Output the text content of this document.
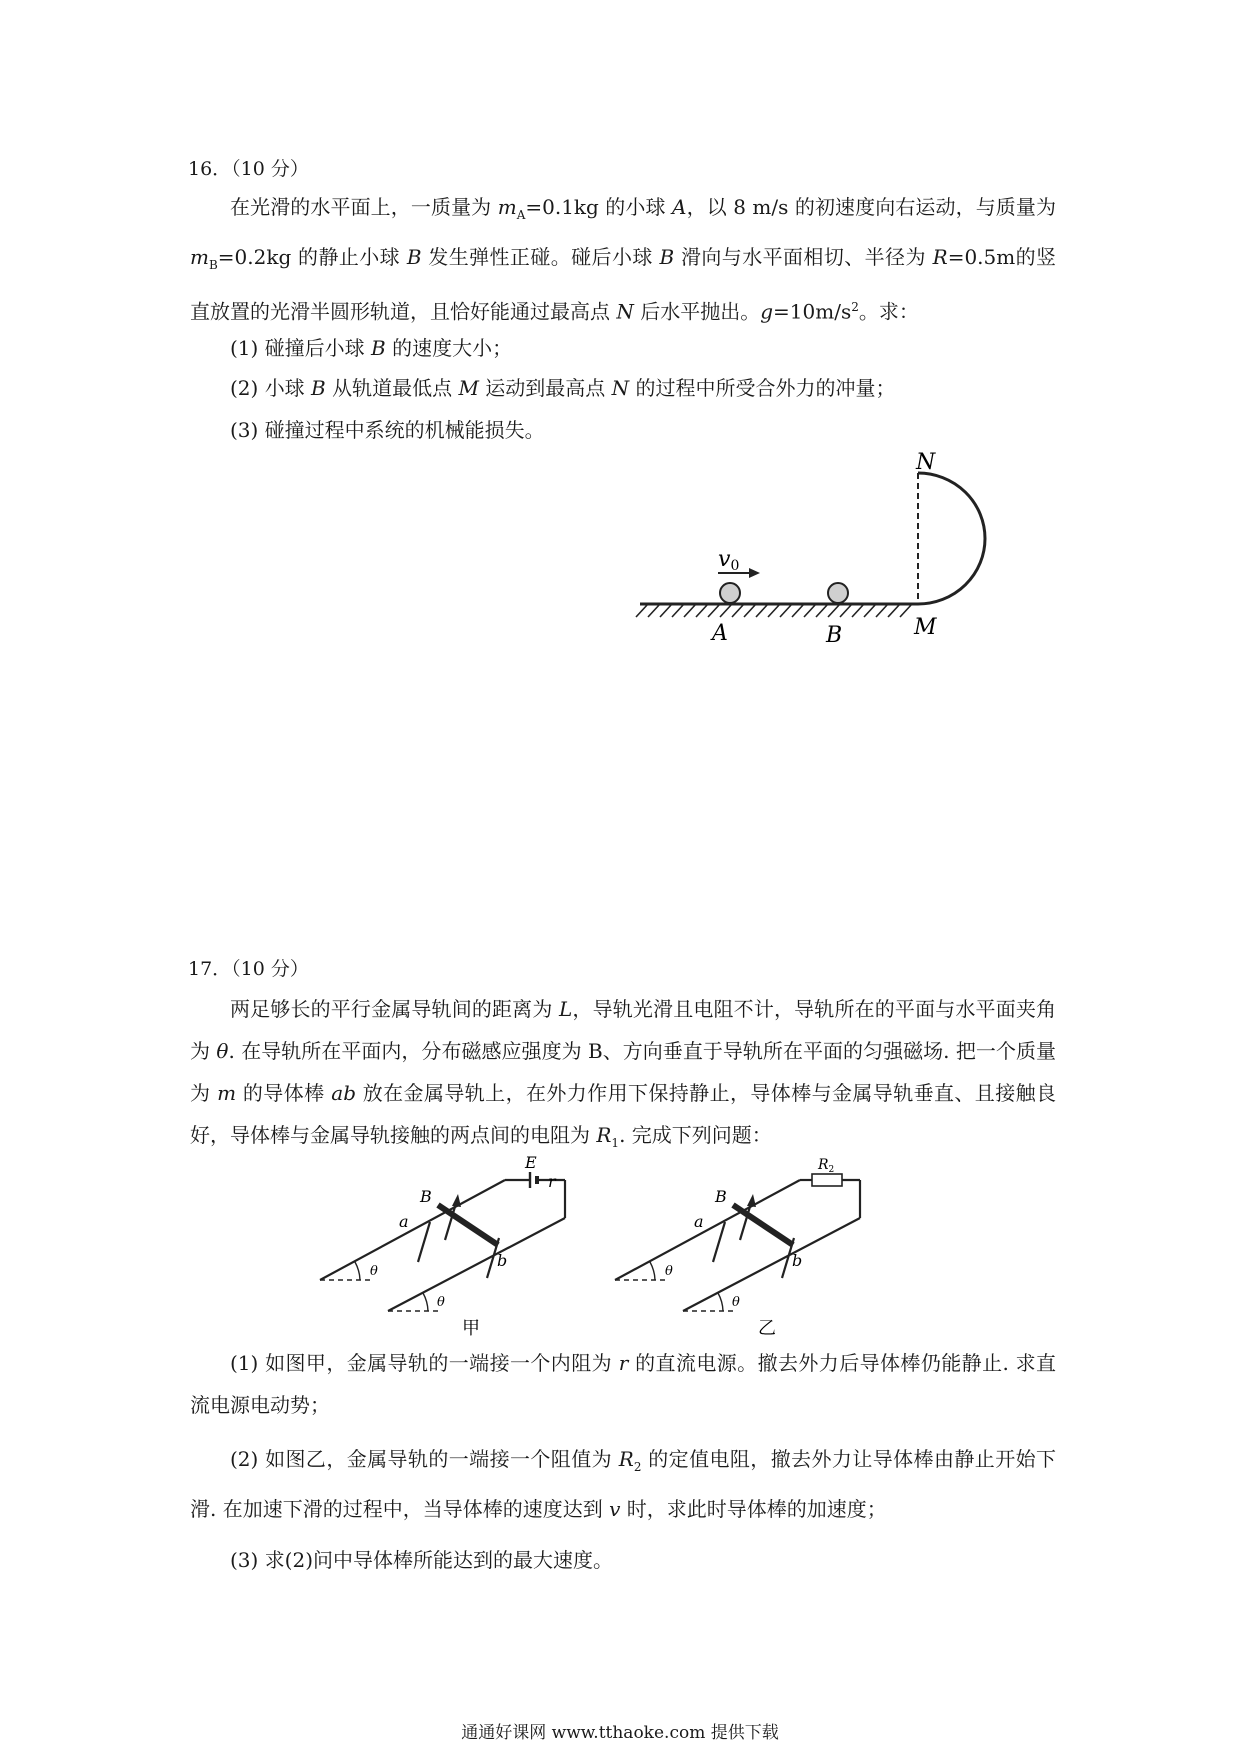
16．（10 分）
在光滑的水平面上，一质量为 $m_A=0.1kg$ 的小球 A，以 8 m/s 的初速度向右运动，与质量为 $m_B=0.2kg$ 的静止小球 B 发生弹性正碰。碰后小球 B 滑向与水平面相切、半径为 R=0.5m的竖直放置的光滑半圆形轨道，且恰好能通过最高点 N 后水平抛出。$g=10m/s^2$。求：
(1) 碰撞后小球 B 的速度大小；
(2) 小球 B 从轨道最低点 M 运动到最高点 N 的过程中所受合外力的冲量；
(3) 碰撞过程中系统的机械能损失。
N
v0
A	B	M
17．（10 分）
两足够长的平行金属导轨间的距离为 L，导轨光滑且电阻不计，导轨所在的平面与水平面夹角为 θ. 在导轨所在平面内，分布磁感应强度为 B、方向垂直于导轨所在平面的匀强磁场. 把一个质量为 m 的导体棒 ab 放在金属导轨上，在外力作用下保持静止，导体棒与金属导轨垂直、且接触良好，导体棒与金属导轨接触的两点间的电阻为 $R_1$. 完成下列问题：
B
a
b
E
r
θ
θ
甲
B
a
b
$R_2$
θ
θ
乙
(1) 如图甲，金属导轨的一端接一个内阻为 r 的直流电源。撤去外力后导体棒仍能静止. 求直流电源电动势；
(2) 如图乙，金属导轨的一端接一个阻值为 $R_2$ 的定值电阻，撤去外力让导体棒由静止开始下滑. 在加速下滑的过程中，当导体棒的速度达到 v 时，求此时导体棒的加速度；
(3) 求(2)问中导体棒所能达到的最大速度。
通通好课网 www.tthaoke.com 提供下载
